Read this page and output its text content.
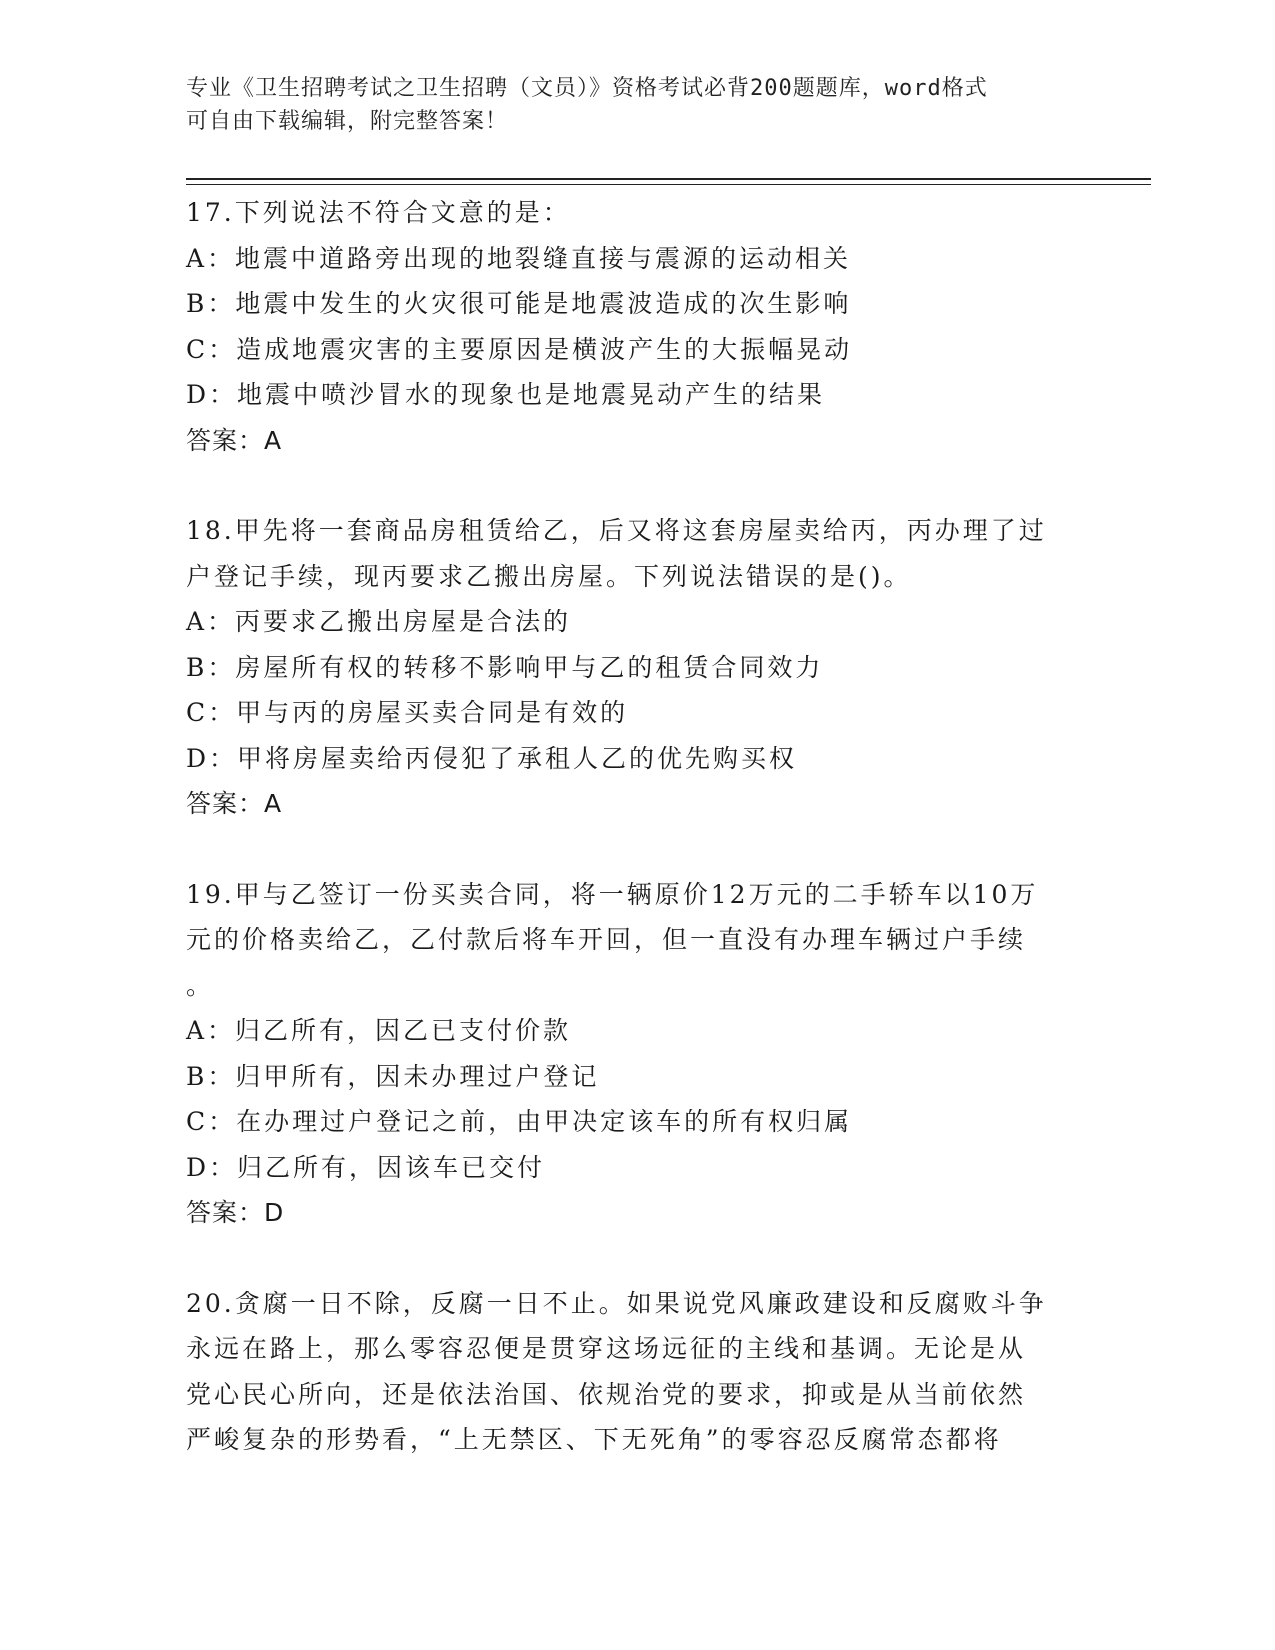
专业《卫生招聘考试之卫生招聘（文员）》资格考试必背200题题库，word格式
可自由下载编辑，附完整答案！
17.下列说法不符合文意的是：
A：地震中道路旁出现的地裂缝直接与震源的运动相关
B：地震中发生的火灾很可能是地震波造成的次生影响
C：造成地震灾害的主要原因是横波产生的大振幅晃动
D：地震中喷沙冒水的现象也是地震晃动产生的结果
答案：A
18.甲先将一套商品房租赁给乙，后又将这套房屋卖给丙，丙办理了过
户登记手续，现丙要求乙搬出房屋。下列说法错误的是()。
A：丙要求乙搬出房屋是合法的
B：房屋所有权的转移不影响甲与乙的租赁合同效力
C：甲与丙的房屋买卖合同是有效的
D：甲将房屋卖给丙侵犯了承租人乙的优先购买权
答案：A
19.甲与乙签订一份买卖合同，将一辆原价12万元的二手轿车以10万
元的价格卖给乙，乙付款后将车开回，但一直没有办理车辆过户手续
。
A：归乙所有，因乙已支付价款
B：归甲所有，因未办理过户登记
C：在办理过户登记之前，由甲决定该车的所有权归属
D：归乙所有，因该车已交付
答案：D
20.贪腐一日不除，反腐一日不止。如果说党风廉政建设和反腐败斗争
永远在路上，那么零容忍便是贯穿这场远征的主线和基调。无论是从
党心民心所向，还是依法治国、依规治党的要求，抑或是从当前依然
严峻复杂的形势看，“上无禁区、下无死角”的零容忍反腐常态都将
